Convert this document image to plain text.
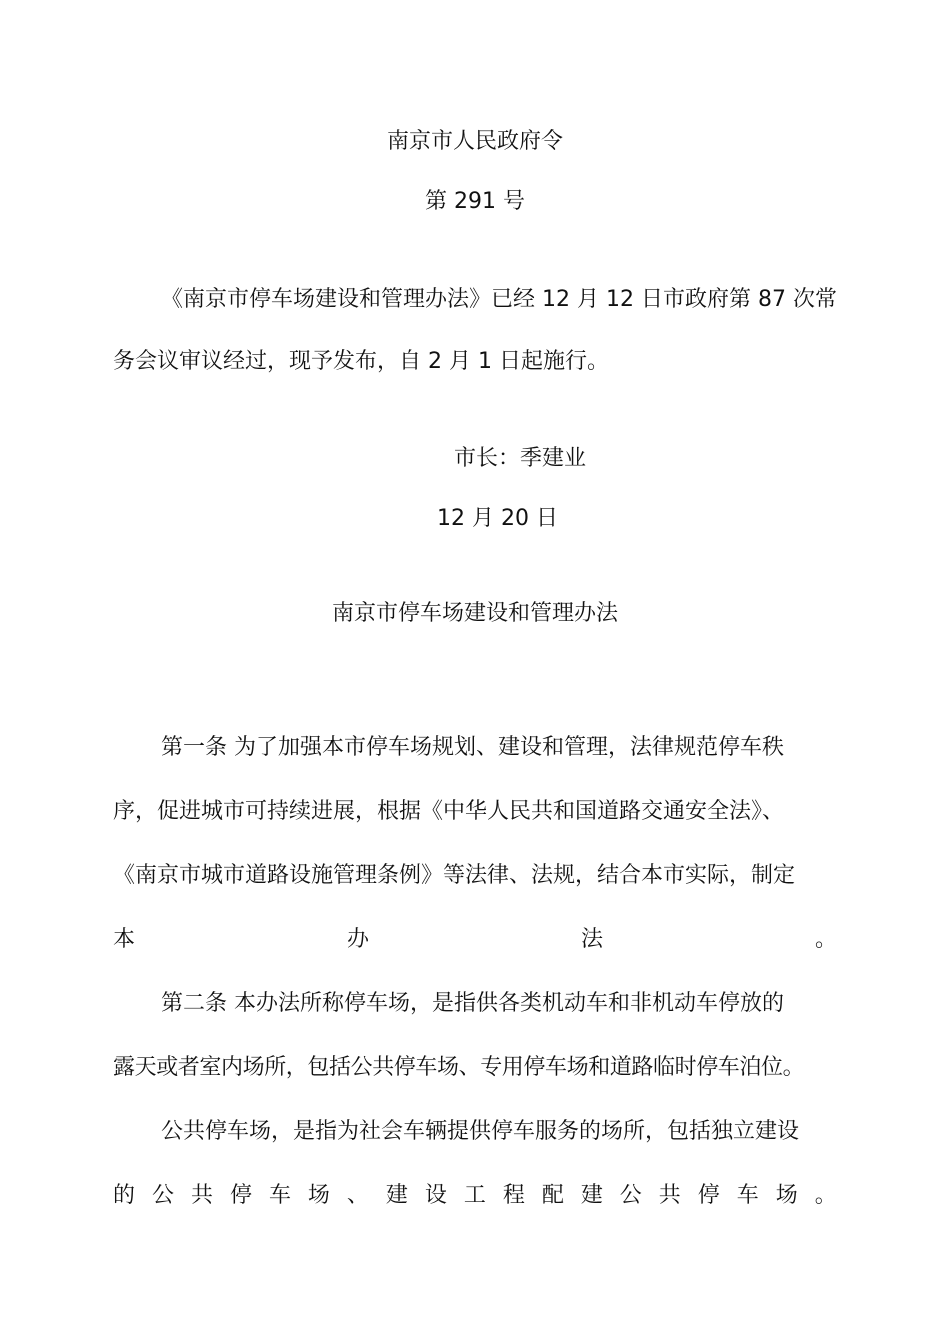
南京市人民政府令
第 291 号
《南京市停车场建设和管理办法》已经 12 月 12 日市政府第 87 次常
务会议审议经过，现予发布，自 2 月 1 日起施行。
市长：季建业
12 月 20 日
南京市停车场建设和管理办法
第一条 为了加强本市停车场规划、建设和管理，法律规范停车秩
序，促进城市可持续进展，根据《中华人民共和国道路交通安全法》、
《南京市城市道路设施管理条例》等法律、法规，结合本市实际，制定
本	办	法	。
第二条 本办法所称停车场，是指供各类机动车和非机动车停放的
露天或者室内场所，包括公共停车场、专用停车场和道路临时停车泊位。
公共停车场，是指为社会车辆提供停车服务的场所，包括独立建设
的 公 共 停 车 场 、 建 设 工 程 配 建 公 共 停 车 场 。
